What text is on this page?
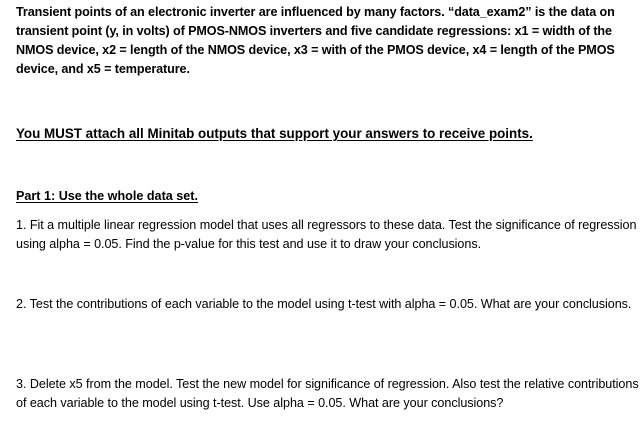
Transient points of an electronic inverter are influenced by many factors. “data_exam2” is the data on transient point (y, in volts) of PMOS-NMOS inverters and five candidate regressions: x1 = width of the NMOS device, x2 = length of the NMOS device, x3 = with of the PMOS device, x4 = length of the PMOS device, and x5 = temperature.
You MUST attach all Minitab outputs that support your answers to receive points.
Part 1: Use the whole data set.
1. Fit a multiple linear regression model that uses all regressors to these data. Test the significance of regression using alpha = 0.05. Find the p-value for this test and use it to draw your conclusions.
2. Test the contributions of each variable to the model using t-test with alpha = 0.05. What are your conclusions.
3. Delete x5 from the model. Test the new model for significance of regression. Also test the relative contributions of each variable to the model using t-test. Use alpha = 0.05. What are your conclusions?
